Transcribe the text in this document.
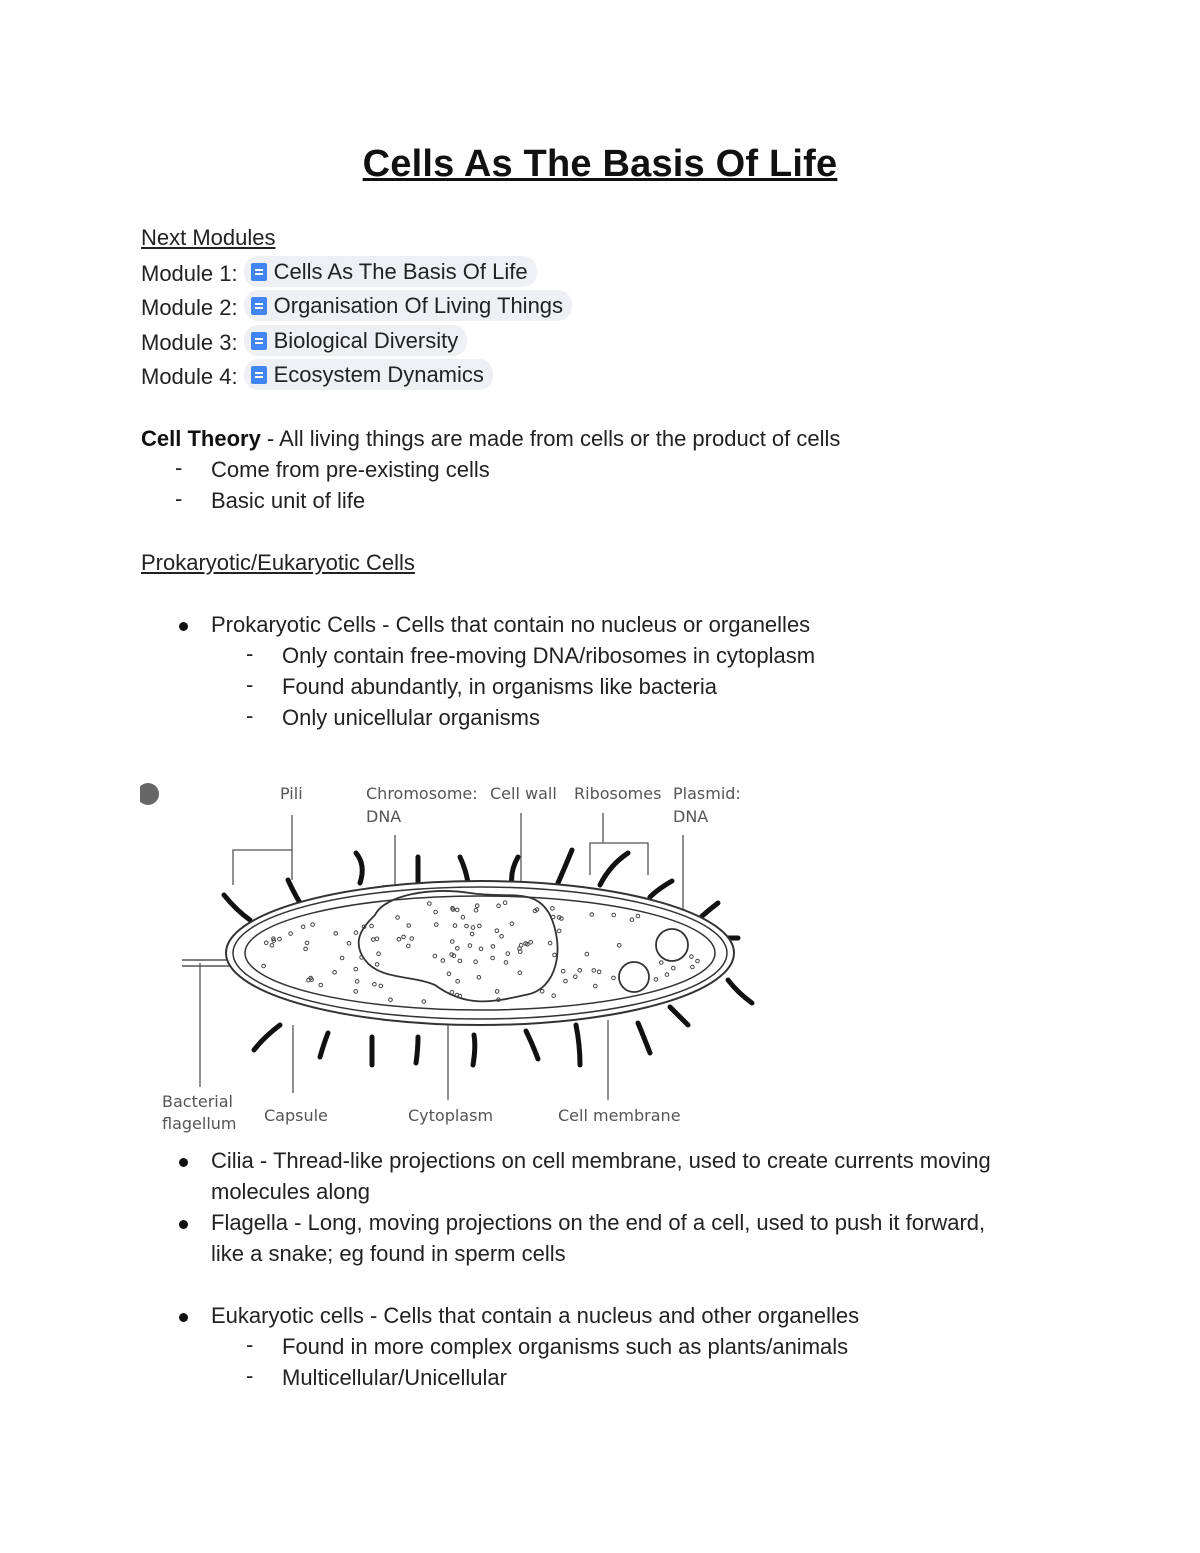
Cells As The Basis Of Life
Next Modules
Module 1: Cells As The Basis Of Life
Module 2: Organisation Of Living Things
Module 3: Biological Diversity
Module 4: Ecosystem Dynamics
Cell Theory - All living things are made from cells or the product of cells
- Come from pre-existing cells
- Basic unit of life
Prokaryotic/Eukaryotic Cells
Prokaryotic Cells - Cells that contain no nucleus or organelles
- Only contain free-moving DNA/ribosomes in cytoplasm
- Found abundantly, in organisms like bacteria
- Only unicellular organisms
Pili	Chromosome:
DNA
Cell wall Ribosomes Plasmid:
DNA
Bacterial
flagellum Capsule	Cytoplasm	Cell membrane
Cilia - Thread-like projections on cell membrane, used to create currents moving
molecules along
Flagella - Long, moving projections on the end of a cell, used to push it forward,
like a snake; eg found in sperm cells
Eukaryotic cells - Cells that contain a nucleus and other organelles
- Found in more complex organisms such as plants/animals
- Multicellular/Unicellular
